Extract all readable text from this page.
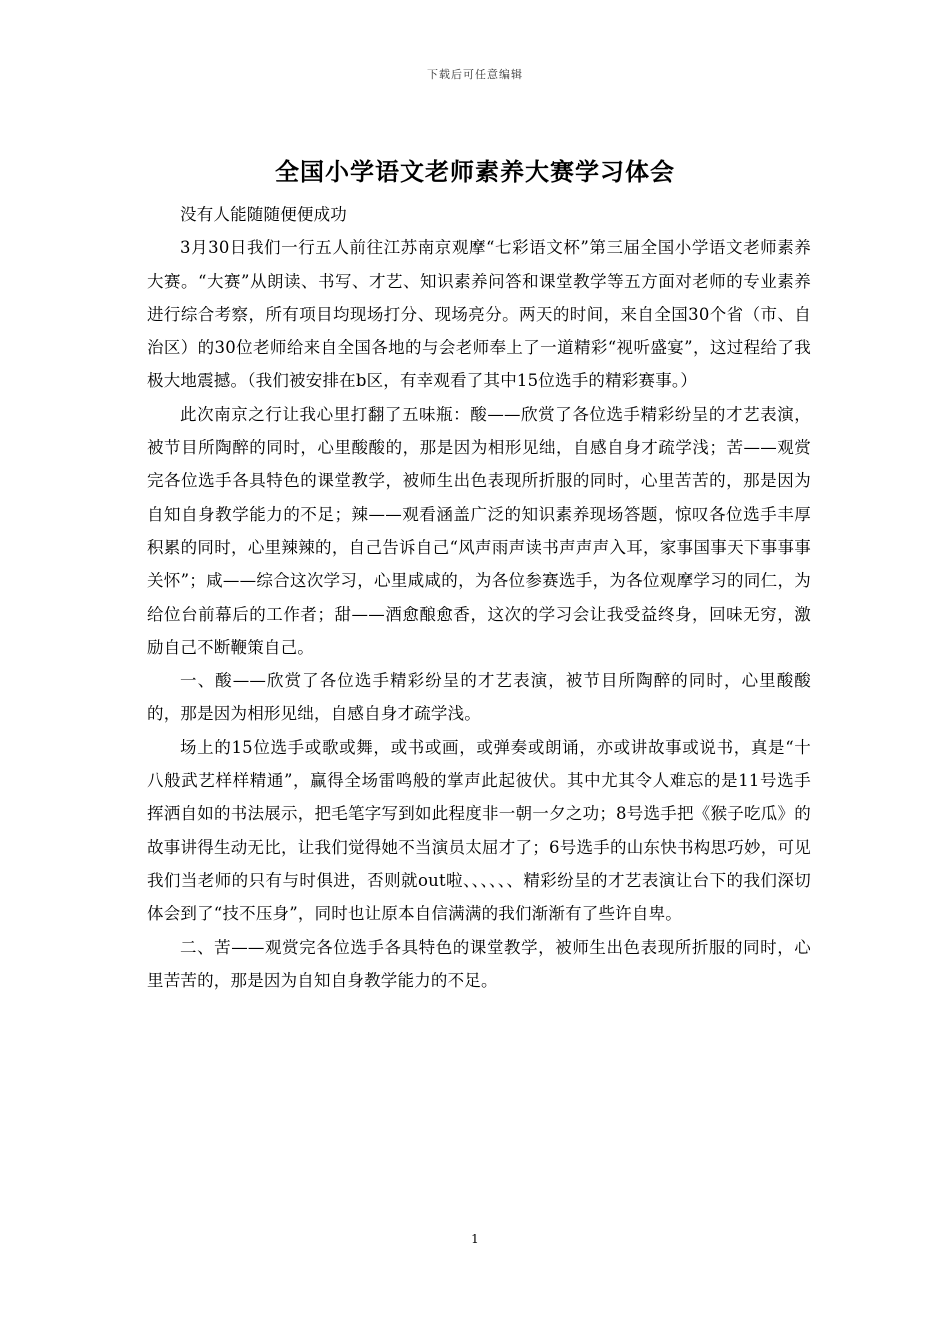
下载后可任意编辑
全国小学语文老师素养大赛学习体会

没有人能随随便便成功

3月30日我们一行五人前往江苏南京观摩“七彩语文杯”第三届全国小学语文老师素养大赛。“大赛”从朗读、书写、才艺、知识素养问答和课堂教学等五方面对老师的专业素养进行综合考察，所有项目均现场打分、现场亮分。两天的时间，来自全国30个省（市、自治区）的30位老师给来自全国各地的与会老师奉上了一道精彩“视听盛宴”，这过程给了我极大地震撼。（我们被安排在b区，有幸观看了其中15位选手的精彩赛事。）

此次南京之行让我心里打翻了五味瓶：酸——欣赏了各位选手精彩纷呈的才艺表演，被节目所陶醉的同时，心里酸酸的，那是因为相形见绌，自感自身才疏学浅；苦——观赏完各位选手各具特色的课堂教学，被师生出色表现所折服的同时，心里苦苦的，那是因为自知自身教学能力的不足；辣——观看涵盖广泛的知识素养现场答题，惊叹各位选手丰厚积累的同时，心里辣辣的，自己告诉自己“风声雨声读书声声声入耳，家事国事天下事事事关怀”；咸——综合这次学习，心里咸咸的，为各位参赛选手，为各位观摩学习的同仁，为给位台前幕后的工作者；甜——酒愈酿愈香，这次的学习会让我受益终身，回味无穷，激励自己不断鞭策自己。

一、酸——欣赏了各位选手精彩纷呈的才艺表演，被节目所陶醉的同时，心里酸酸的，那是因为相形见绌，自感自身才疏学浅。

场上的15位选手或歌或舞，或书或画，或弹奏或朗诵，亦或讲故事或说书，真是“十八般武艺样样精通”，赢得全场雷鸣般的掌声此起彼伏。其中尤其令人难忘的是11号选手挥洒自如的书法展示，把毛笔字写到如此程度非一朝一夕之功；8号选手把《猴子吃瓜》的故事讲得生动无比，让我们觉得她不当演员太屈才了；6号选手的山东快书构思巧妙，可见我们当老师的只有与时俱进，否则就out啦、、、、、、精彩纷呈的才艺表演让台下的我们深切体会到了“技不压身”，同时也让原本自信满满的我们渐渐有了些许自卑。

二、苦——观赏完各位选手各具特色的课堂教学，被师生出色表现所折服的同时，心里苦苦的，那是因为自知自身教学能力的不足。

1
